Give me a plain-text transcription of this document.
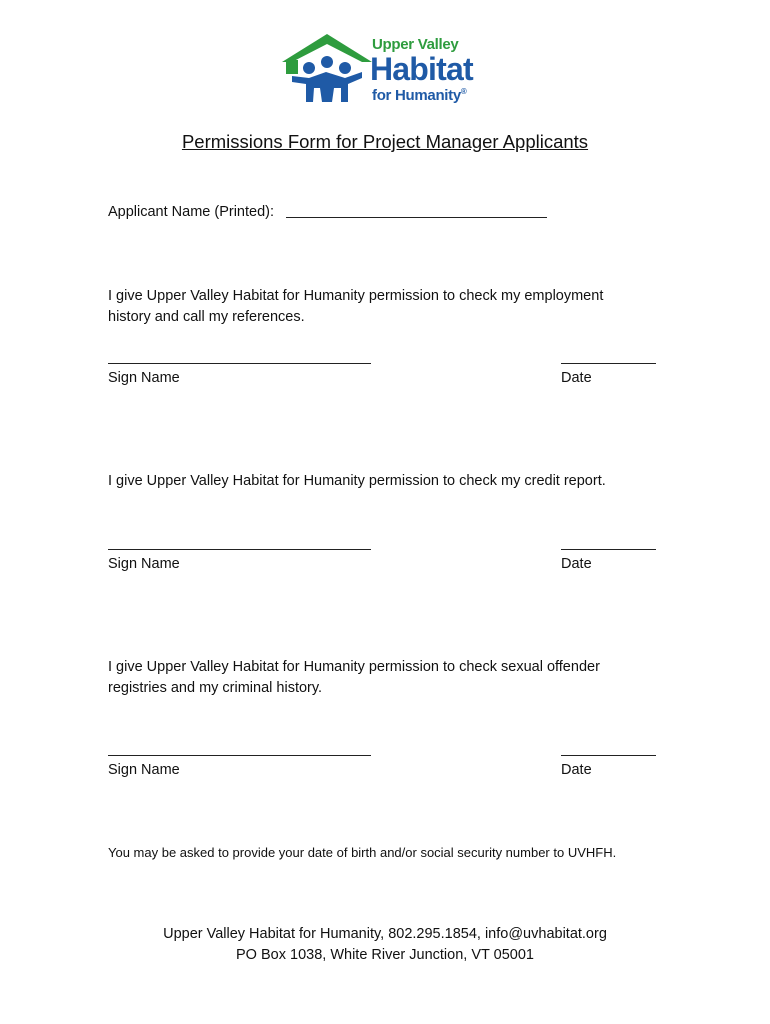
Upper Valley
Habitat
for Humanity®
Permissions Form for Project Manager Applicants
Applicant Name (Printed):
I give Upper Valley Habitat for Humanity permission to check my employment history and call my references.
Sign Name	Date
I give Upper Valley Habitat for Humanity permission to check my credit report.
Sign Name	Date
I give Upper Valley Habitat for Humanity permission to check sexual offender registries and my criminal history.
Sign Name	Date
You may be asked to provide your date of birth and/or social security number to UVHFH.
Upper Valley Habitat for Humanity, 802.295.1854, info@uvhabitat.org
PO Box 1038, White River Junction, VT 05001
